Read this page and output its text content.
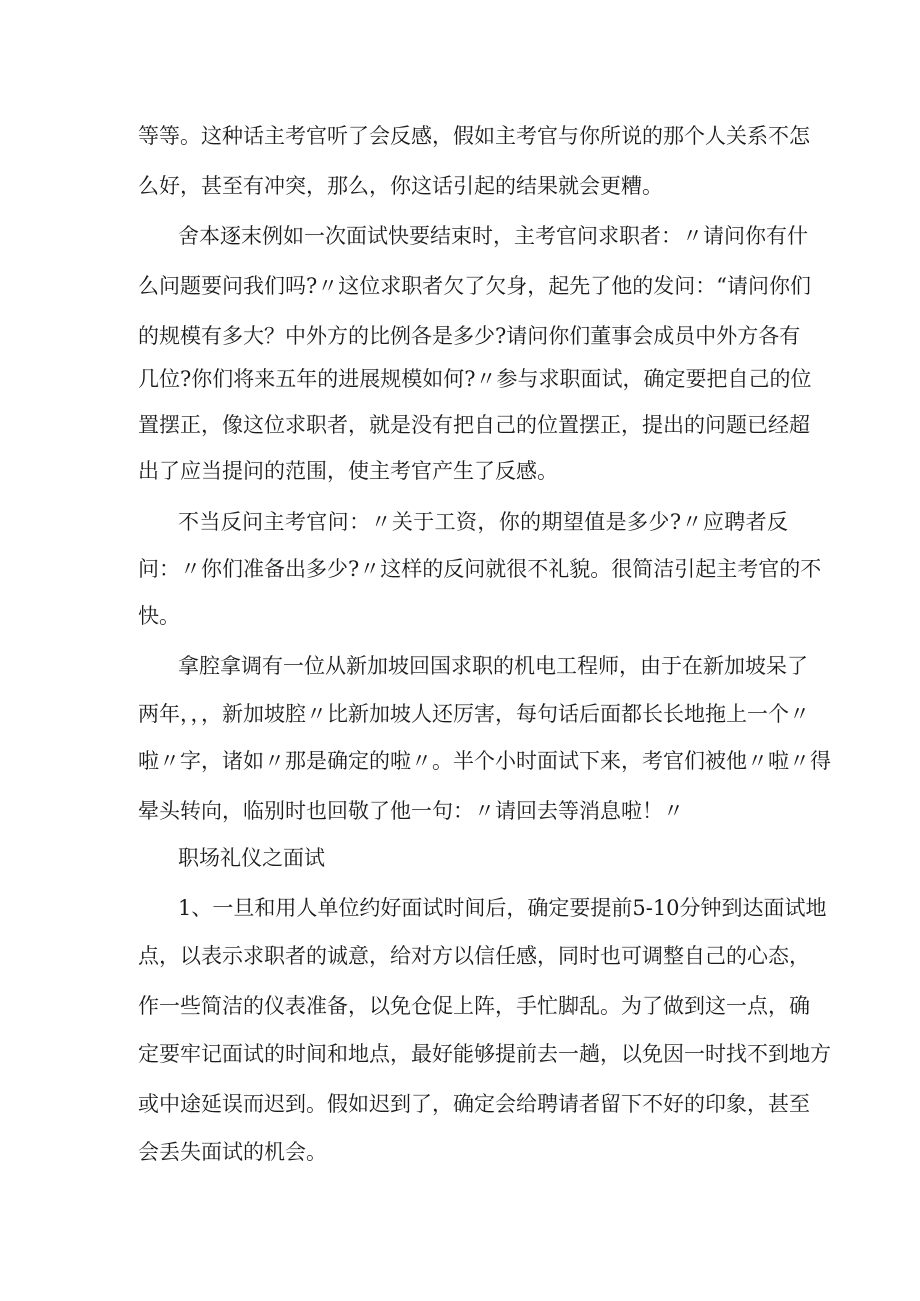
等等。这种话主考官听了会反感，假如主考官与你所说的那个人关系不怎
么好，甚至有冲突，那么，你这话引起的结果就会更糟。
舍本逐末例如一次面试快要结束时，主考官问求职者：〃请问你有什
么问题要问我们吗?〃这位求职者欠了欠身，起先了他的发问：“请问你们
的规模有多大？中外方的比例各是多少?请问你们董事会成员中外方各有
几位?你们将来五年的进展规模如何?〃参与求职面试，确定要把自己的位
置摆正，像这位求职者，就是没有把自己的位置摆正，提出的问题已经超
出了应当提问的范围，使主考官产生了反感。
不当反问主考官问：〃关于工资，你的期望值是多少?〃应聘者反
问：〃你们准备出多少?〃这样的反问就很不礼貌。很简洁引起主考官的不
快。
拿腔拿调有一位从新加坡回国求职的机电工程师，由于在新加坡呆了
两年，，，新加坡腔〃比新加坡人还厉害，每句话后面都长长地拖上一个〃
啦〃字，诸如〃那是确定的啦〃。半个小时面试下来，考官们被他〃啦〃得
晕头转向，临别时也回敬了他一句：〃请回去等消息啦！〃
职场礼仪之面试
1、一旦和用人单位约好面试时间后，确定要提前5-10分钟到达面试地
点，以表示求职者的诚意，给对方以信任感，同时也可调整自己的心态，
作一些简洁的仪表准备，以免仓促上阵，手忙脚乱。为了做到这一点，确
定要牢记面试的时间和地点，最好能够提前去一趟，以免因一时找不到地方
或中途延误而迟到。假如迟到了，确定会给聘请者留下不好的印象，甚至
会丢失面试的机会。
